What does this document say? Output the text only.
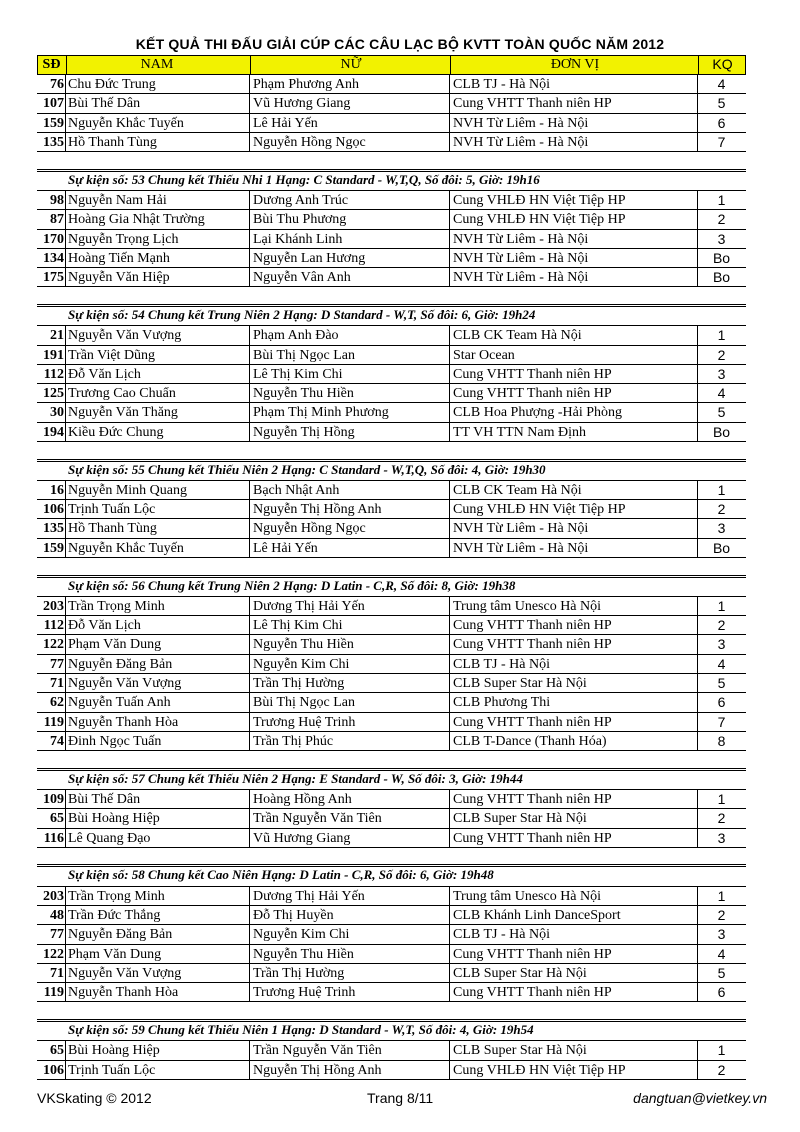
KẾT QUẢ THI ĐẤU GIẢI CÚP CÁC CÂU LẠC BỘ KVTT TOÀN QUỐC NĂM 2012
SĐ	NAM	NỮ	ĐƠN VỊ	KQ
76 Chu Đức Trung	Phạm Phương Anh	CLB TJ - Hà Nội	4
107 Bùi Thế Dân	Vũ Hương Giang	Cung VHTT Thanh niên HP	5
159 Nguyễn Khắc Tuyến	Lê Hải Yến	NVH Từ Liêm - Hà Nội	6
135 Hồ Thanh Tùng	Nguyễn Hồng Ngọc	NVH Từ Liêm - Hà Nội	7
Sự kiện số: 53 Chung kết Thiếu Nhi 1 Hạng: C Standard - W,T,Q, Số đôi: 5, Giờ: 19h16
98 Nguyễn Nam Hải	Dương Anh Trúc	Cung VHLĐ HN Việt Tiệp HP	1
87 Hoàng Gia Nhật Trường	Bùi Thu Phương	Cung VHLĐ HN Việt Tiệp HP	2
170 Nguyễn Trọng Lịch	Lại Khánh Linh	NVH Từ Liêm - Hà Nội	3
134 Hoàng Tiến Mạnh	Nguyễn Lan Hương	NVH Từ Liêm - Hà Nội	Bo
175 Nguyễn Văn Hiệp	Nguyễn Vân Anh	NVH Từ Liêm - Hà Nội	Bo
Sự kiện số: 54 Chung kết Trung Niên 2 Hạng: D Standard - W,T, Số đôi: 6, Giờ: 19h24
21 Nguyễn Văn Vượng	Phạm Anh Đào	CLB CK Team Hà Nội	1
191 Trần Việt Dũng	Bùi Thị Ngọc Lan	Star Ocean	2
112 Đỗ Văn Lịch	Lê Thị Kim Chi	Cung VHTT Thanh niên HP	3
125 Trương Cao Chuẩn	Nguyễn Thu Hiền	Cung VHTT Thanh niên HP	4
30 Nguyễn Văn Thăng	Phạm Thị Minh Phương	CLB Hoa Phượng -Hải Phòng	5
194 Kiều Đức Chung	Nguyễn Thị Hồng	TT VH TTN Nam Định	Bo
Sự kiện số: 55 Chung kết Thiếu Niên 2 Hạng: C Standard - W,T,Q, Số đôi: 4, Giờ: 19h30
16 Nguyễn Minh Quang	Bạch Nhật Anh	CLB CK Team Hà Nội	1
106 Trịnh Tuấn Lộc	Nguyễn Thị Hồng Anh	Cung VHLĐ HN Việt Tiệp HP	2
135 Hồ Thanh Tùng	Nguyễn Hồng Ngọc	NVH Từ Liêm - Hà Nội	3
159 Nguyễn Khắc Tuyến	Lê Hải Yến	NVH Từ Liêm - Hà Nội	Bo
Sự kiện số: 56 Chung kết Trung Niên 2 Hạng: D Latin - C,R, Số đôi: 8, Giờ: 19h38
203 Trần Trọng Minh	Dương Thị Hải Yến	Trung tâm Unesco Hà Nội	1
112 Đỗ Văn Lịch	Lê Thị Kim Chi	Cung VHTT Thanh niên HP	2
122 Phạm Văn Dung	Nguyễn Thu Hiền	Cung VHTT Thanh niên HP	3
77 Nguyễn Đăng Bản	Nguyễn Kim Chi	CLB TJ - Hà Nội	4
71 Nguyễn Văn Vượng	Trần Thị Hường	CLB Super Star Hà Nội	5
62 Nguyễn Tuấn Anh	Bùi Thị Ngọc Lan	CLB Phương Thi	6
119 Nguyễn Thanh Hòa	Trương Huệ Trinh	Cung VHTT Thanh niên HP	7
74 Đinh Ngọc Tuấn	Trần Thị Phúc	CLB T-Dance (Thanh Hóa)	8
Sự kiện số: 57 Chung kết Thiếu Niên 2 Hạng: E Standard - W, Số đôi: 3, Giờ: 19h44
109 Bùi Thế Dân	Hoàng Hồng Anh	Cung VHTT Thanh niên HP	1
65 Bùi Hoàng Hiệp	Trần Nguyễn Văn Tiên	CLB Super Star Hà Nội	2
116 Lê Quang Đạo	Vũ Hương Giang	Cung VHTT Thanh niên HP	3
Sự kiện số: 58 Chung kết Cao Niên Hạng: D Latin - C,R, Số đôi: 6, Giờ: 19h48
203 Trần Trọng Minh	Dương Thị Hải Yến	Trung tâm Unesco Hà Nội	1
48 Trần Đức Thắng	Đỗ Thị Huyền	CLB Khánh Linh DanceSport	2
77 Nguyễn Đăng Bản	Nguyễn Kim Chi	CLB TJ - Hà Nội	3
122 Phạm Văn Dung	Nguyễn Thu Hiền	Cung VHTT Thanh niên HP	4
71 Nguyễn Văn Vượng	Trần Thị Hường	CLB Super Star Hà Nội	5
119 Nguyễn Thanh Hòa	Trương Huệ Trinh	Cung VHTT Thanh niên HP	6
Sự kiện số: 59 Chung kết Thiếu Niên 1 Hạng: D Standard - W,T, Số đôi: 4, Giờ: 19h54
65 Bùi Hoàng Hiệp	Trần Nguyễn Văn Tiên	CLB Super Star Hà Nội	1
106 Trịnh Tuấn Lộc	Nguyễn Thị Hồng Anh	Cung VHLĐ HN Việt Tiệp HP	2
VKSkating © 2012	Trang 8/11	dangtuan@vietkey.vn
